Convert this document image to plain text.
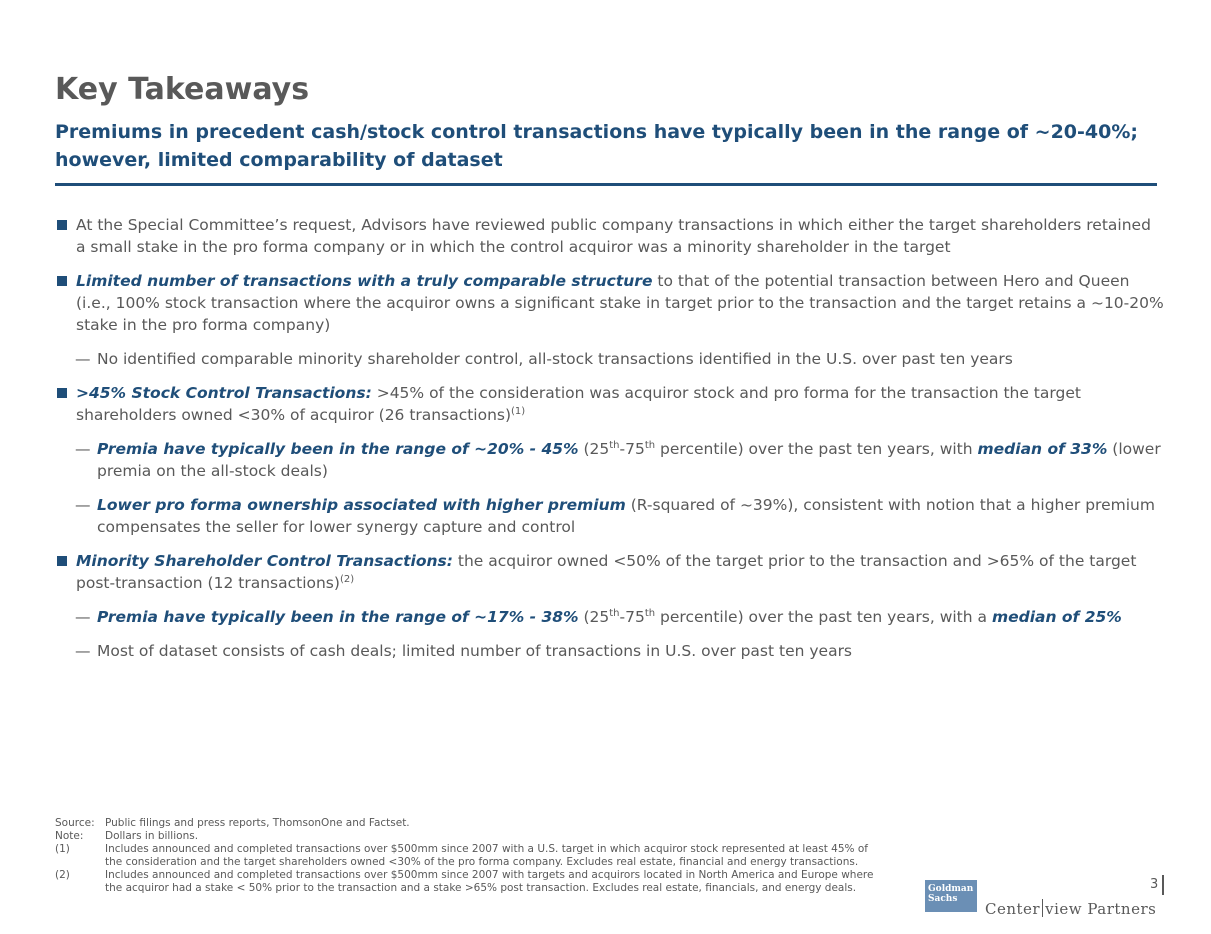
Key Takeaways

Premiums in precedent cash/stock control transactions have typically been in the range of ~20-40%; however, limited comparability of dataset

At the Special Committee’s request, Advisors have reviewed public company transactions in which either the target shareholders retained a small stake in the pro forma company or in which the control acquiror was a minority shareholder in the target

Limited number of transactions with a truly comparable structure to that of the potential transaction between Hero and Queen (i.e., 100% stock transaction where the acquiror owns a significant stake in target prior to the transaction and the target retains a ~10-20% stake in the pro forma company)

— No identified comparable minority shareholder control, all-stock transactions identified in the U.S. over past ten years

>45% Stock Control Transactions: >45% of the consideration was acquiror stock and pro forma for the transaction the target shareholders owned <30% of acquiror (26 transactions)$^{(1)}$

— Premia have typically been in the range of ~20% - 45% (25th-75th percentile) over the past ten years, with median of 33% (lower premia on the all-stock deals)

— Lower pro forma ownership associated with higher premium (R-squared of ~39%), consistent with notion that a higher premium compensates the seller for lower synergy capture and control

Minority Shareholder Control Transactions: the acquiror owned <50% of the target prior to the transaction and >65% of the target post-transaction (12 transactions)$^{(2)}$

— Premia have typically been in the range of ~17% - 38% (25th-75th percentile) over the past ten years, with a median of 25%

— Most of dataset consists of cash deals; limited number of transactions in U.S. over past ten years

Source: Public filings and press reports, ThomsonOne and Factset.
Note:	Dollars in billions.
(1)	Includes announced and completed transactions over $500mm since 2007 with a U.S. target in which acquiror stock represented at least 45% of the consideration and the target shareholders owned <30% of the pro forma company. Excludes real estate, financial and energy transactions.
(2)	Includes announced and completed transactions over $500mm since 2007 with targets and acquirors located in North America and Europe where the acquiror had a stake < 50% prior to the transaction and a stake >65% post transaction. Excludes real estate, financials, and energy deals.	Goldman
Sachs
Center view Partners
3
